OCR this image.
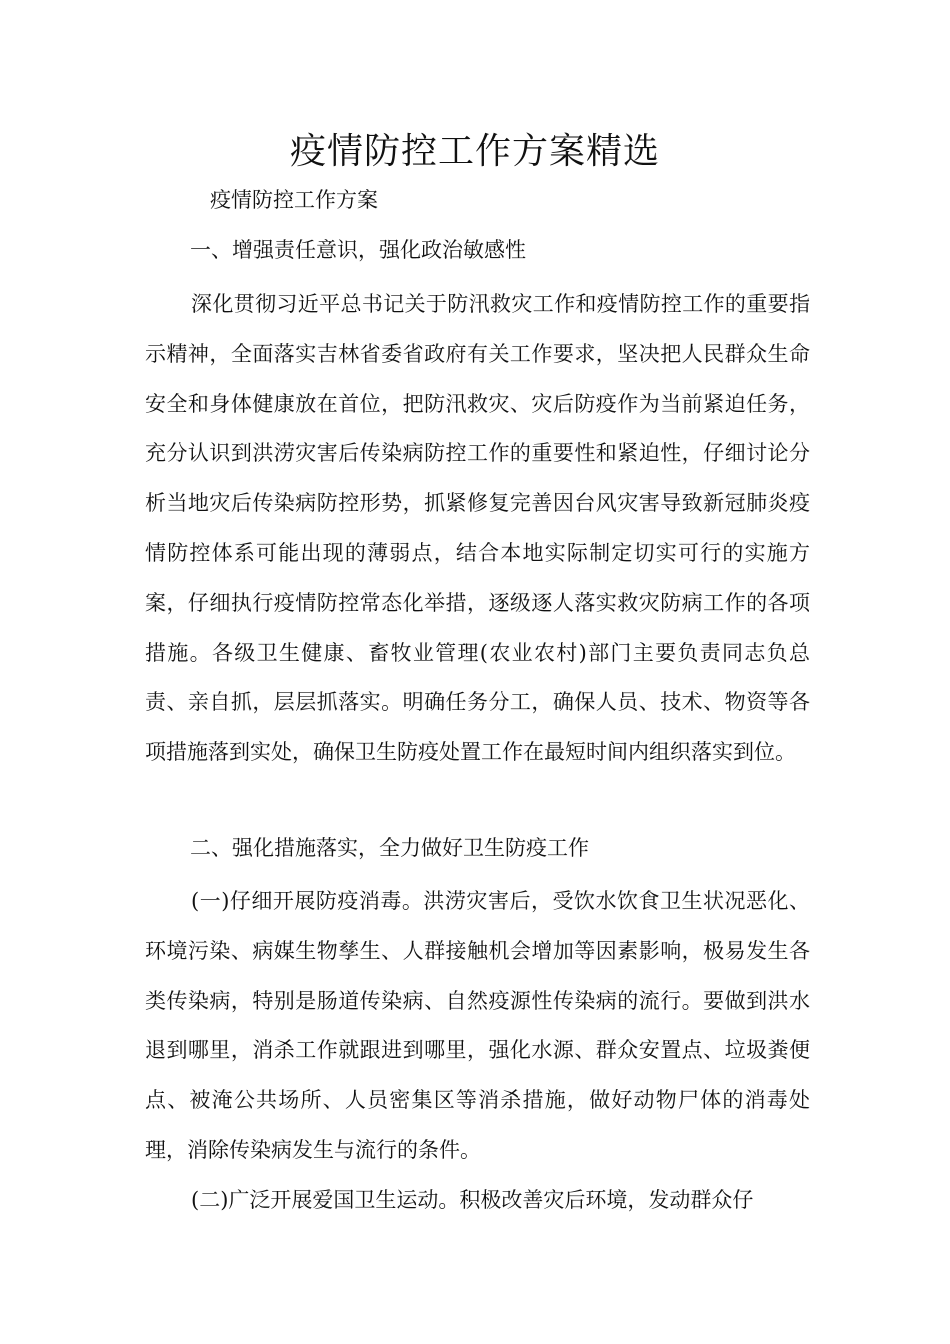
疫情防控工作方案精选

疫情防控工作方案

一、增强责任意识，强化政治敏感性

深化贯彻习近平总书记关于防汛救灾工作和疫情防控工作的重要指示精神，全面落实吉林省委省政府有关工作要求，坚决把人民群众生命安全和身体健康放在首位，把防汛救灾、灾后防疫作为当前紧迫任务，充分认识到洪涝灾害后传染病防控工作的重要性和紧迫性，仔细讨论分析当地灾后传染病防控形势，抓紧修复完善因台风灾害导致新冠肺炎疫情防控体系可能出现的薄弱点，结合本地实际制定切实可行的实施方案，仔细执行疫情防控常态化举措，逐级逐人落实救灾防病工作的各项措施。各级卫生健康、畜牧业管理(农业农村)部门主要负责同志负总责、亲自抓，层层抓落实。明确任务分工，确保人员、技术、物资等各项措施落到实处，确保卫生防疫处置工作在最短时间内组织落实到位。

二、强化措施落实，全力做好卫生防疫工作

(一)仔细开展防疫消毒。洪涝灾害后，受饮水饮食卫生状况恶化、环境污染、病媒生物孳生、人群接触机会增加等因素影响，极易发生各类传染病，特别是肠道传染病、自然疫源性传染病的流行。要做到洪水退到哪里，消杀工作就跟进到哪里，强化水源、群众安置点、垃圾粪便点、被淹公共场所、人员密集区等消杀措施，做好动物尸体的消毒处理，消除传染病发生与流行的条件。

(二)广泛开展爱国卫生运动。积极改善灾后环境，发动群众仔
